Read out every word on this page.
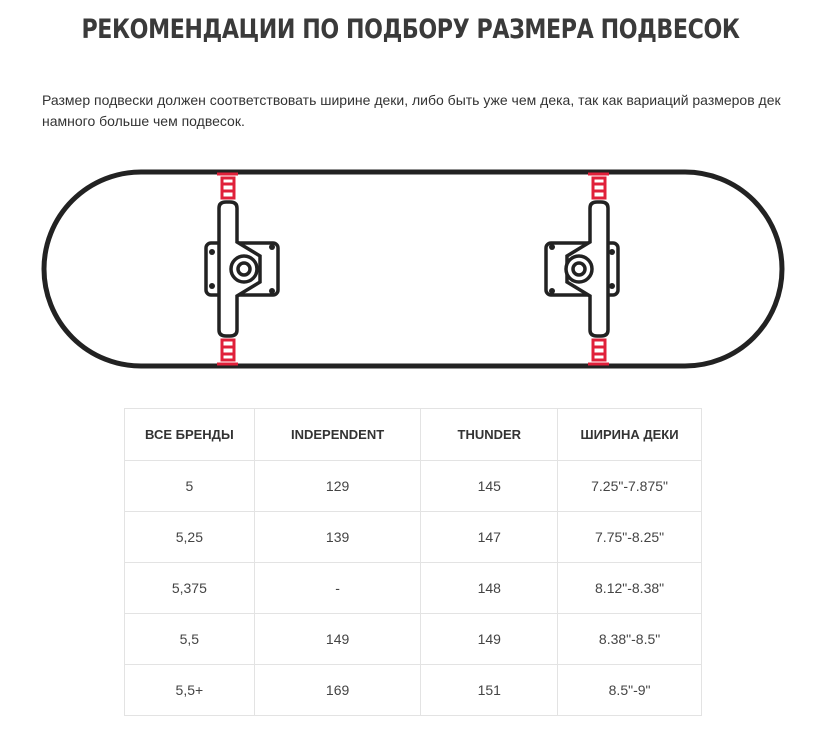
РЕКОМЕНДАЦИИ ПО ПОДБОРУ РАЗМЕРА ПОДВЕСОК
Размер подвески должен соответствовать ширине деки, либо быть уже чем дека, так как вариаций размеров дек намного больше чем подвесок.
ВСЕ БРЕНДЫ	INDEPENDENT	THUNDER	ШИРИНА ДЕКИ
5	129	145	7.25"-7.875"
5,25	139	147	7.75"-8.25"
5,375	-	148	8.12"-8.38"
5,5	149	149	8.38"-8.5"
5,5+	169	151	8.5"-9"
